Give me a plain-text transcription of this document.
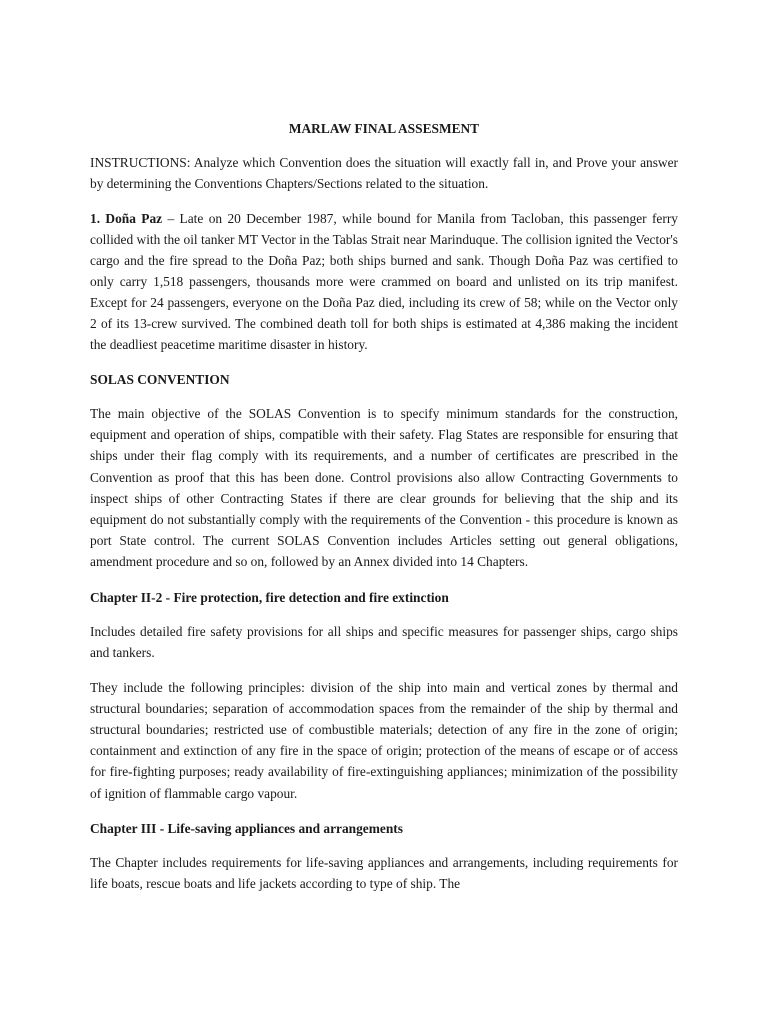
MARLAW FINAL ASSESMENT

INSTRUCTIONS: Analyze which Convention does the situation will exactly fall in, and Prove your answer by determining the Conventions Chapters/Sections related to the situation.

1. Doña Paz – Late on 20 December 1987, while bound for Manila from Tacloban, this passenger ferry collided with the oil tanker MT Vector in the Tablas Strait near Marinduque. The collision ignited the Vector's cargo and the fire spread to the Doña Paz; both ships burned and sank. Though Doña Paz was certified to only carry 1,518 passengers, thousands more were crammed on board and unlisted on its trip manifest. Except for 24 passengers, everyone on the Doña Paz died, including its crew of 58; while on the Vector only 2 of its 13-crew survived. The combined death toll for both ships is estimated at 4,386 making the incident the deadliest peacetime maritime disaster in history.

SOLAS CONVENTION

The main objective of the SOLAS Convention is to specify minimum standards for the construction, equipment and operation of ships, compatible with their safety. Flag States are responsible for ensuring that ships under their flag comply with its requirements, and a number of certificates are prescribed in the Convention as proof that this has been done. Control provisions also allow Contracting Governments to inspect ships of other Contracting States if there are clear grounds for believing that the ship and its equipment do not substantially comply with the requirements of the Convention - this procedure is known as port State control. The current SOLAS Convention includes Articles setting out general obligations, amendment procedure and so on, followed by an Annex divided into 14 Chapters.

Chapter II-2 - Fire protection, fire detection and fire extinction

Includes detailed fire safety provisions for all ships and specific measures for passenger ships, cargo ships and tankers.

They include the following principles: division of the ship into main and vertical zones by thermal and structural boundaries; separation of accommodation spaces from the remainder of the ship by thermal and structural boundaries; restricted use of combustible materials; detection of any fire in the zone of origin; containment and extinction of any fire in the space of origin; protection of the means of escape or of access for fire-fighting purposes; ready availability of fire-extinguishing appliances; minimization of the possibility of ignition of flammable cargo vapour.

Chapter III - Life-saving appliances and arrangements

The Chapter includes requirements for life-saving appliances and arrangements, including requirements for life boats, rescue boats and life jackets according to type of ship. The
